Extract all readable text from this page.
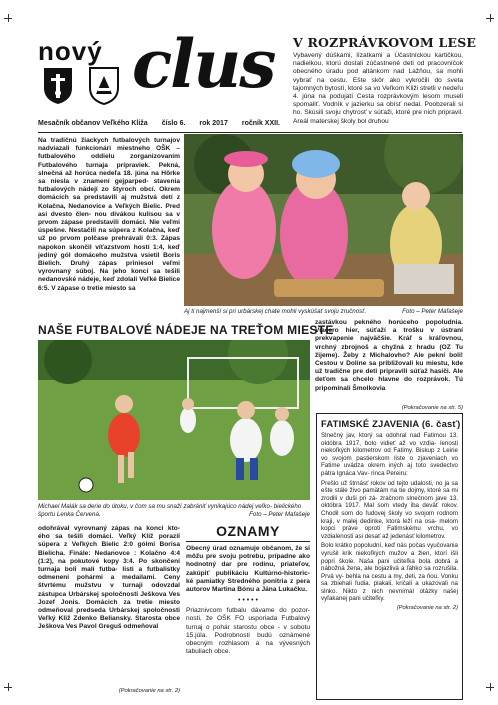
nový clus
Mesačník občanov Veľkého Kliža číslo 6. rok 2017 ročník XXII.
V ROZPRÁVKOVOM LESE
Vybavený dúškami, lízatkami a Účastníckou kartičkou, nadielkou, ktorú dostali zúčastnené deti od pracovníčok obecného úradu pod altánkom nad Lažňou, sa mohli vybrať na cestu. Ešte skôr ako vykročili do sveta tajomných bytostí, ktoré sa vo Veľkom Kliži stretli v nedeľu 4. júna na podujatí Cesta rozprávkovým lesom museli spomaliť. Vodník v jazierku sa obísť nedal. Poobzerali si ho. Skúsili svoju chytrosť v súťaži, ktoré pre nich pripravil. Areál materskej školy bol druhou
Na tradičnú žiackych futbalových turnajov nadviazali funkcionári miestneho OŠK – futbalového oddielu zorganizovaním Futbalového turnaja prípraviek. Pekná, slnečná až horúca nedeľa 18. júna na Hôrke sa niesla v znamení gejparped- stavenia futbalových nádejí zo štyroch obcí. Okrem domácich sa predstavili aj mužstvá detí z Kolačna, Nedanovice a Veľkých Bielic. Pred asi dvesto člen- nou divákou kulisou sa v prvom zápase predstavili domáci. Nie veľmi úspešne. Nestačili na súpera z Kolačna, keď už po prvom polčase prehrávali 0:3. Zápas napokon skončil víťazstvom hostí 1:4, keď jediný gól domáceho mužstva vsietil Boris Bielich. Druhý zápas priniesol veľmi vyrovnaný súboj. Na jeho konci sa tešili nedanovské nádeje, keď zdolali Veľké Bielice 6:5. V zápase o tretie miesto sa
Aj ti najmenší si pri urbárskej chate mohli vyskúšať svoju zručnosť.	Foto – Peter Mafašeje
NAŠE FUTBALOVÉ NÁDEJE NA TREŤOM MIESTE
zastávkou pekného horúceho popoludnia. Viacero hier, súťaží a trošku v ústraní prekvapenie najväčšie. Kráľ s kráľovnou, vrchný zbrojnoš a chyžná z hradu (OZ Tu žijeme). Žeby z Michalovho? Ale pekní boli! Cestou v Doline sa približovali ku miestu, kde už tradične pre deti pripravili súťaž hasiči. Ale deťom sa chcelo hlavne do rozprávok. Tú pripomínali Šmolkovia
(Pokračovanie na str. 5)
Michael Malák sa derie do útoku, v čom sa mu snaží zabrániť vynikajúco nádej veľko- bielického športu Lenka Červená.	Foto – Peter Mafašeje
odohrával vyrovnaný zápas na konci kto- ého sa tešili domáci. Veľký Kliž porazil súpera z Veľkých Bielic 2:0 gólmi Borisa Bielicha. Finále: Nedanovce : Kolačno 4:4 (1:2), na pokutové kopy 3:4. Po skončení turnaja boli malí futba- listi a futbalistky odmenení pohármi a medailami. Ceny štvrtému mužstvu v turnaji odovzdal zástupca Urbárskej spoločnosti Ješkova Ves Jozef Jonis. Domácich za tretie miesto odmeňoval predseda Urbárskej spoločnosti Veľký Kliž Zdenko Beliansky. Starosta obce Ješkova Ves Pavol Greguš odmeňoval
(Pokračovanie na str. 2)
OZNAMY
Obecný úrad oznamuje občanom, že si môžu pre svoju potrebu, prípadne ako hodnotný dar pre rodinu, priateľov, zakúpiť publikáciu Kultúrno-historic- ké pamiatky Stredného ponitria z pera autorov Martina Bónu a Jána Lukačku.
• • • • •
Priaznivcom futbalu dávame do pozor- nosti, že OŠK FO usporiada Futbalový turnaj o pohár starostu obce - v sobotu 15.júla. Podrobnosti budú oznámené obecným rozhlasom a na vývesných tabuliach obce.
FATIMSKÉ ZJAVENIA (6. časť)
Slnečný jav, ktorý sa odohral nad Fatimou 13. októbra 1917, bolo vidieť až vo vzdia- lenosti niekoľkých kilometrov od Fatimy. Biskup z Leirie vo svojom pastierskom liste o zjaveniach vo Fatime uvádza okrem iných aj toto svedectvo pátra Ignáca Vav- rinca Pereiru:
Prešlo už štrnásť rokov od tejto udalosti, no ja sa ešte stále živo pamätám na tie dojmy, ktoré sa mi zrodili v duši pri zá- zračnom slnečnom jave 13. októbra 1917. Mal som vtedy iba deväť rokov. Chodil som do ľudovej školy vo svojom rodnom kraji, v malej dedinke, ktorá leží na osa- melom kopci práve oproti Fatimskému vrchu, vo vzdialenosti asi desať až jedenásť kilometrov.
Bolo krátko popoludní, keď nás počas vyučovania vyrušil krik niekoľkých mužov a žien, ktorí išli popri škole. Naša pani učiteľka bola dobrá a nábožná žena, ale bojazlivá a ľahko sa rozrušila. Prvá vy- behla na cestu a my, deti, za ňou. Vonku sa zbiehali ľudia, plakali, kričali a ukazovali na slnko. Nikto z nich nevnímal otázky našej vyľakanej pani učiteľky.
(Pokračovanie na str. 2)
